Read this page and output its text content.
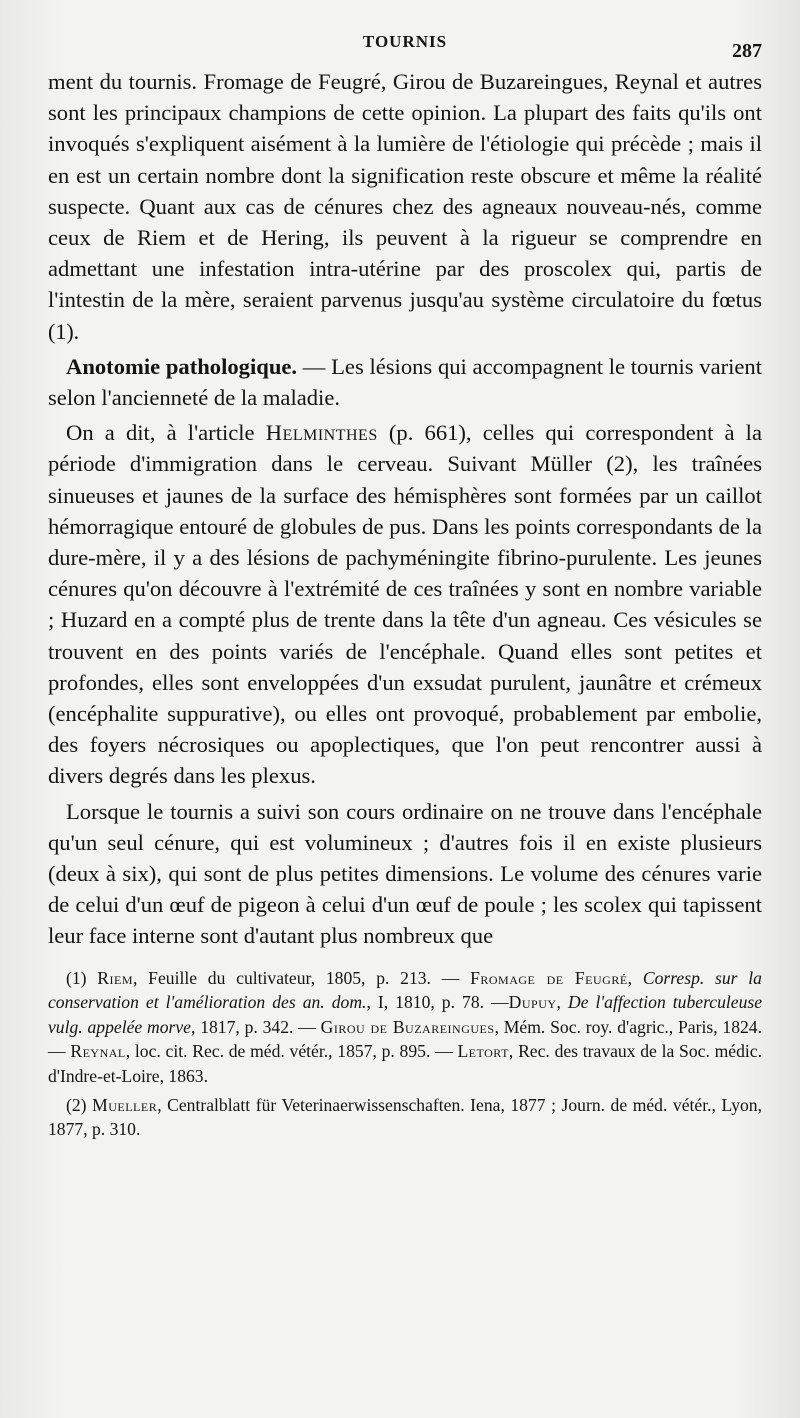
TOURNIS	287

ment du tournis. Fromage de Feugré, Girou de Buzareingues, Reynal et autres sont les principaux champions de cette opinion. La plupart des faits qu'ils ont invoqués s'expliquent aisément à la lumière de l'étiologie qui précède ; mais il en est un certain nombre dont la signification reste obscure et même la réalité suspecte. Quant aux cas de cénures chez des agneaux nouveau-nés, comme ceux de Riem et de Hering, ils peuvent à la rigueur se comprendre en admettant une infestation intra-utérine par des proscolex qui, partis de l'intestin de la mère, seraient parvenus jusqu'au système circulatoire du fœtus (1).

Anotomie pathologique. — Les lésions qui accompagnent le tournis varient selon l'ancienneté de la maladie.

On a dit, à l'article Helminthes (p. 661), celles qui correspondent à la période d'immigration dans le cerveau. Suivant Müller (2), les traînées sinueuses et jaunes de la surface des hémisphères sont formées par un caillot hémorragique entouré de globules de pus. Dans les points correspondants de la dure-mère, il y a des lésions de pachyméningite fibrino-purulente. Les jeunes cénures qu'on découvre à l'extrémité de ces traînées y sont en nombre variable ; Huzard en a compté plus de trente dans la tête d'un agneau. Ces vésicules se trouvent en des points variés de l'encéphale. Quand elles sont petites et profondes, elles sont enveloppées d'un exsudat purulent, jaunâtre et crémeux (encéphalite suppurative), ou elles ont provoqué, probablement par embolie, des foyers nécrosiques ou apoplectiques, que l'on peut rencontrer aussi à divers degrés dans les plexus.

Lorsque le tournis a suivi son cours ordinaire on ne trouve dans l'encéphale qu'un seul cénure, qui est volumineux ; d'autres fois il en existe plusieurs (deux à six), qui sont de plus petites dimensions. Le volume des cénures varie de celui d'un œuf de pigeon à celui d'un œuf de poule ; les scolex qui tapissent leur face interne sont d'autant plus nombreux que

(1) Riem, Feuille du cultivateur, 1805, p. 213. — Fromage de Feugré, Corresp. sur la conservation et l'amélioration des an. dom., I, 1810, p. 78. —Dupuy, De l'affection tuberculeuse vulg. appelée morve, 1817, p. 342. — Girou de Buzareingues, Mém. Soc. roy. d'agric., Paris, 1824. — Reynal, loc. cit. Rec. de méd. vétér., 1857, p. 895. — Letort, Rec. des travaux de la Soc. médic. d'Indre-et-Loire, 1863.

(2) Mueller, Centralblatt für Veterinaerwissenschaften. Iena, 1877 ; Journ. de méd. vétér., Lyon, 1877, p. 310.
